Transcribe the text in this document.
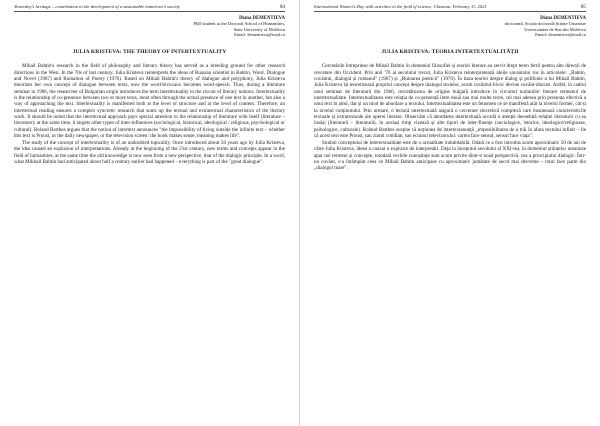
Yesterday's heritage – contribution to the development of a sustainable tomorrow's society	84
Diana DEMENTIEVA
PhD student at the Doctoral School of Humanities,
State University of Moldova
Email: dementieva@mail.ru
JULIA KRISTEVA: THE THEORY OF INTERTEXTUALITY

Mihail Bahtin's research in the field of philosophy and literary theory has served as a breeding ground for other research directions in the West. In the 70s of last century, Julia Kristeva reinterprets the ideas of Russian scientist in Bahtin, Word, Dialogue and Novel (1967) and Ruination of Poetry (1970). Based on Mihail Bahtin's theory of dialogue and polyphony, Julia Kristeva theorizes her own concept of dialogue between texts, now the word-bivocaux becomes word-speech. Thus, during a literature seminar in 1966, the researcher of Bulgarian origin introduces the term intertextuality in the circuit of literary notions. Intertextuality is the relationship of co-presence between two or more texts, most often through the actual presence of one text in another, but also a way of approaching the text. Intertextuality is manifested both at the level of structure and at the level of content. Therefore, an intertextual reading ensures a complex syncretic research that sums up the textual and extratextual characteristics of the literary work. It should be noted that the intertextual approach pays special attention to the relationship of literature with itself (literature – literature); at the same time, it targets other types of inter-influences (sociological, historical, ideological / religious, psychological or cultural). Roland Barthes argues that the notion of intertext announces "the impossibility of living outside the infinite text – whether this text is Proust, or the daily newspaper, or the television screen: the book makes sense, meaning makes life".

The study of the concept of intertextuality is of an undoubted topicality. Once introduced about 50 years ago by Julia Kristeva, the idea caused an explosion of interpretations. Already at the beginning of the 21st century, new terms and concepts appear in the field of humanities, at the same time the old knowledge is now seen from a new perspective, that of the dialogic principle. In a word, what Mikhail Bahtin had anticipated about half a century earlier had happened – everything is part of the "great dialogue".

International Women's Day with activities in the field of science, Chisinau, February 11, 2021	85
Diana DEMENTIEVA
doctorand, Școala doctorală Științe Umaniste
Universitatea de Stat din Moldova
Email: dementieva@mail.ru
JULIA KRISTEVA: TEORIA INTERTEXTUALITĂȚII

Cercetările întreprinse de Mihail Bahtin în domeniul filosofiei și teoriei literare au servit drept teren fertil pentru alte direcții de cercetare din Occident. Prin anii '70 ai secolului trecut, Julia Kristeva reinterpretează ideile savantului rus în articolele: „Bahtin, cuvântul, dialogul și romanul" (1967) și „Ruinarea poeticii" (1970). În baza teoriei despre dialog și polifonie a lui Mihail Bahtin, Julia Kristeva își teoretizează propriul concept despre dialogul textelor, acum cuvântul-bivoc devine cuvânt-discurs. Astfel, în cadrul unui seminar de literatură din 1966, cercetătoarea de origine bulgară introduce în circuitul noțiunilor literare termenul de intertextualitate. Intertextualitatea este relația de co-prezență între două sau mai multe texte, cel mai adesea prin prezența efectivă a unui text în altul, dar și un mod de abordare a textului. Intertextualitatea este un fenomen ce se manifestă atât la nivelul formei, cât și la nivelul conținutului. Prin urmare, o lectură intertextuală asigură o cercetare sincretică complexă care însumează caracteristicile textuale și extratextuale ale operei literare. Observăm că abordarea intertextuală acordă o atenție deosebită relației literaturii cu ea însăși (literatură – literatură), în același timp vizează și alte tipuri de inter-fluențe (sociologice, istorice, ideologice/religioase, psihologice, culturale). Roland Barthes susține că noțiunea de intertextanunță „imposibilitatea de a trăi în afara textului infinit – fie că acest text este Proust, sau ziarul cotidian, sau ecranul televizorului: cartea face sensul, sensul face viața".

Studiul conceptului de intertextualitate este de o actualitate indubitabilă. Odată ce a fost introdus acum aproximativ 50 de ani de către Julia Kristeva, ideea a cauzat o explozie de interpretări. Deja la începutul secolului al XXI-lea, în domeniul științelor umaniste apar noi termeni și concepte, totodată vechile cunoștințe sunt acum privite dintr-o nouă perspectivă, cea a principiului dialogic. Într-un cuvânt, s-a întâmplat ceea ce Mihail Bahtin anticipase cu aproximativ jumătate de secol mai devreme – totul face parte din „dialogul mare".
